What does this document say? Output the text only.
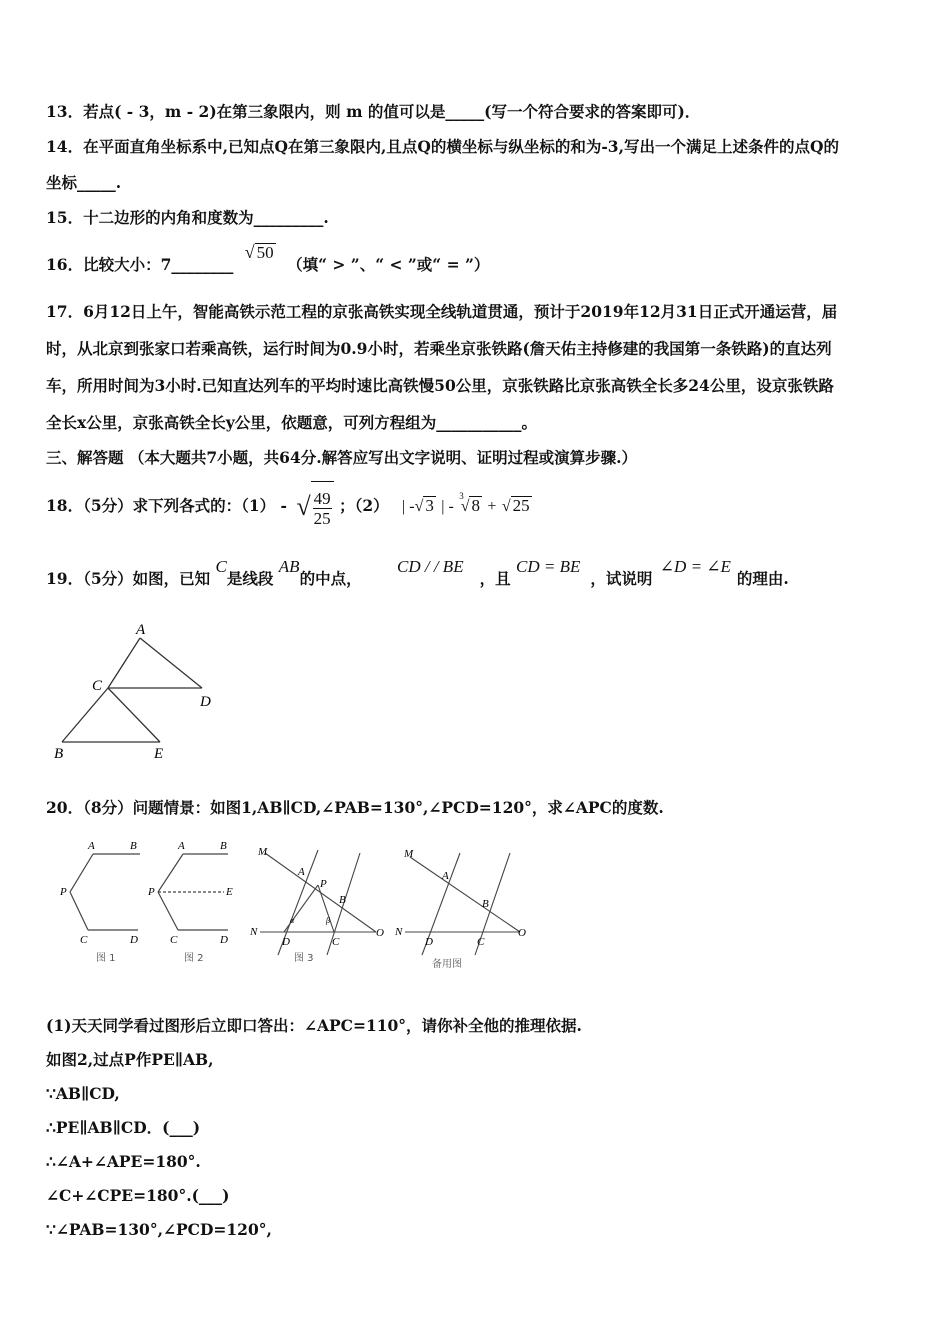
13．若点( - 3，m - 2)在第三象限内，则 m 的值可以是_____(写一个符合要求的答案即可)．
14．在平面直角坐标系中,已知点Q在第三象限内,且点Q的横坐标与纵坐标的和为-3,写出一个满足上述条件的点Q的
坐标_____.
15．十二边形的内角和度数为_________.
16．比较大小：7________ √ 50 （填“ > ”、“ < ”或“ = ”）
17．6月12日上午，智能高铁示范工程的京张高铁实现全线轨道贯通，预计于2019年12月31日正式开通运营，届
时，从北京到张家口若乘高铁，运行时间为0.9小时，若乘坐京张铁路(詹天佑主持修建的我国第一条铁路)的直达列
车，所用时间为3小时.已知直达列车的平均时速比高铁慢50公里，京张铁路比京张高铁全长多24公里，设京张铁路
全长x公里，京张高铁全长y公里，依题意，可列方程组为___________。
三、解答题 （本大题共7小题，共64分.解答应写出文字说明、证明过程或演算步骤.）
18．（5分）求下列各式的：（1） - √ $\frac{49}{25}$ ；（2） | -√ 3 | - $^3$√ 8 + √ 25
19．（5分）如图，已知 C是线段 AB的中点， CD / / BE，且 CD = BE，试说明 ∠D = ∠E的理由.
A
C
D
B	E
20．（8分）问题情景：如图1,AB∥CD,∠PAB=130°,∠PCD=120°，求∠APC的度数.
A	B
P
C	D
图 1
A	B
P	E
C	D
图 2
M
A
P
B
N
D	C
O
α	β
图 3
M
A
B
N
D	C
O
备用图
(1)天天同学看过图形后立即口答出：∠APC=110°，请你补全他的推理依据.
如图2,过点P作PE∥AB,
∵AB∥CD,
∴PE∥AB∥CD．(___)
∴∠A+∠APE=180°.
∠C+∠CPE=180°.(___)
∵∠PAB=130°,∠PCD=120°,
